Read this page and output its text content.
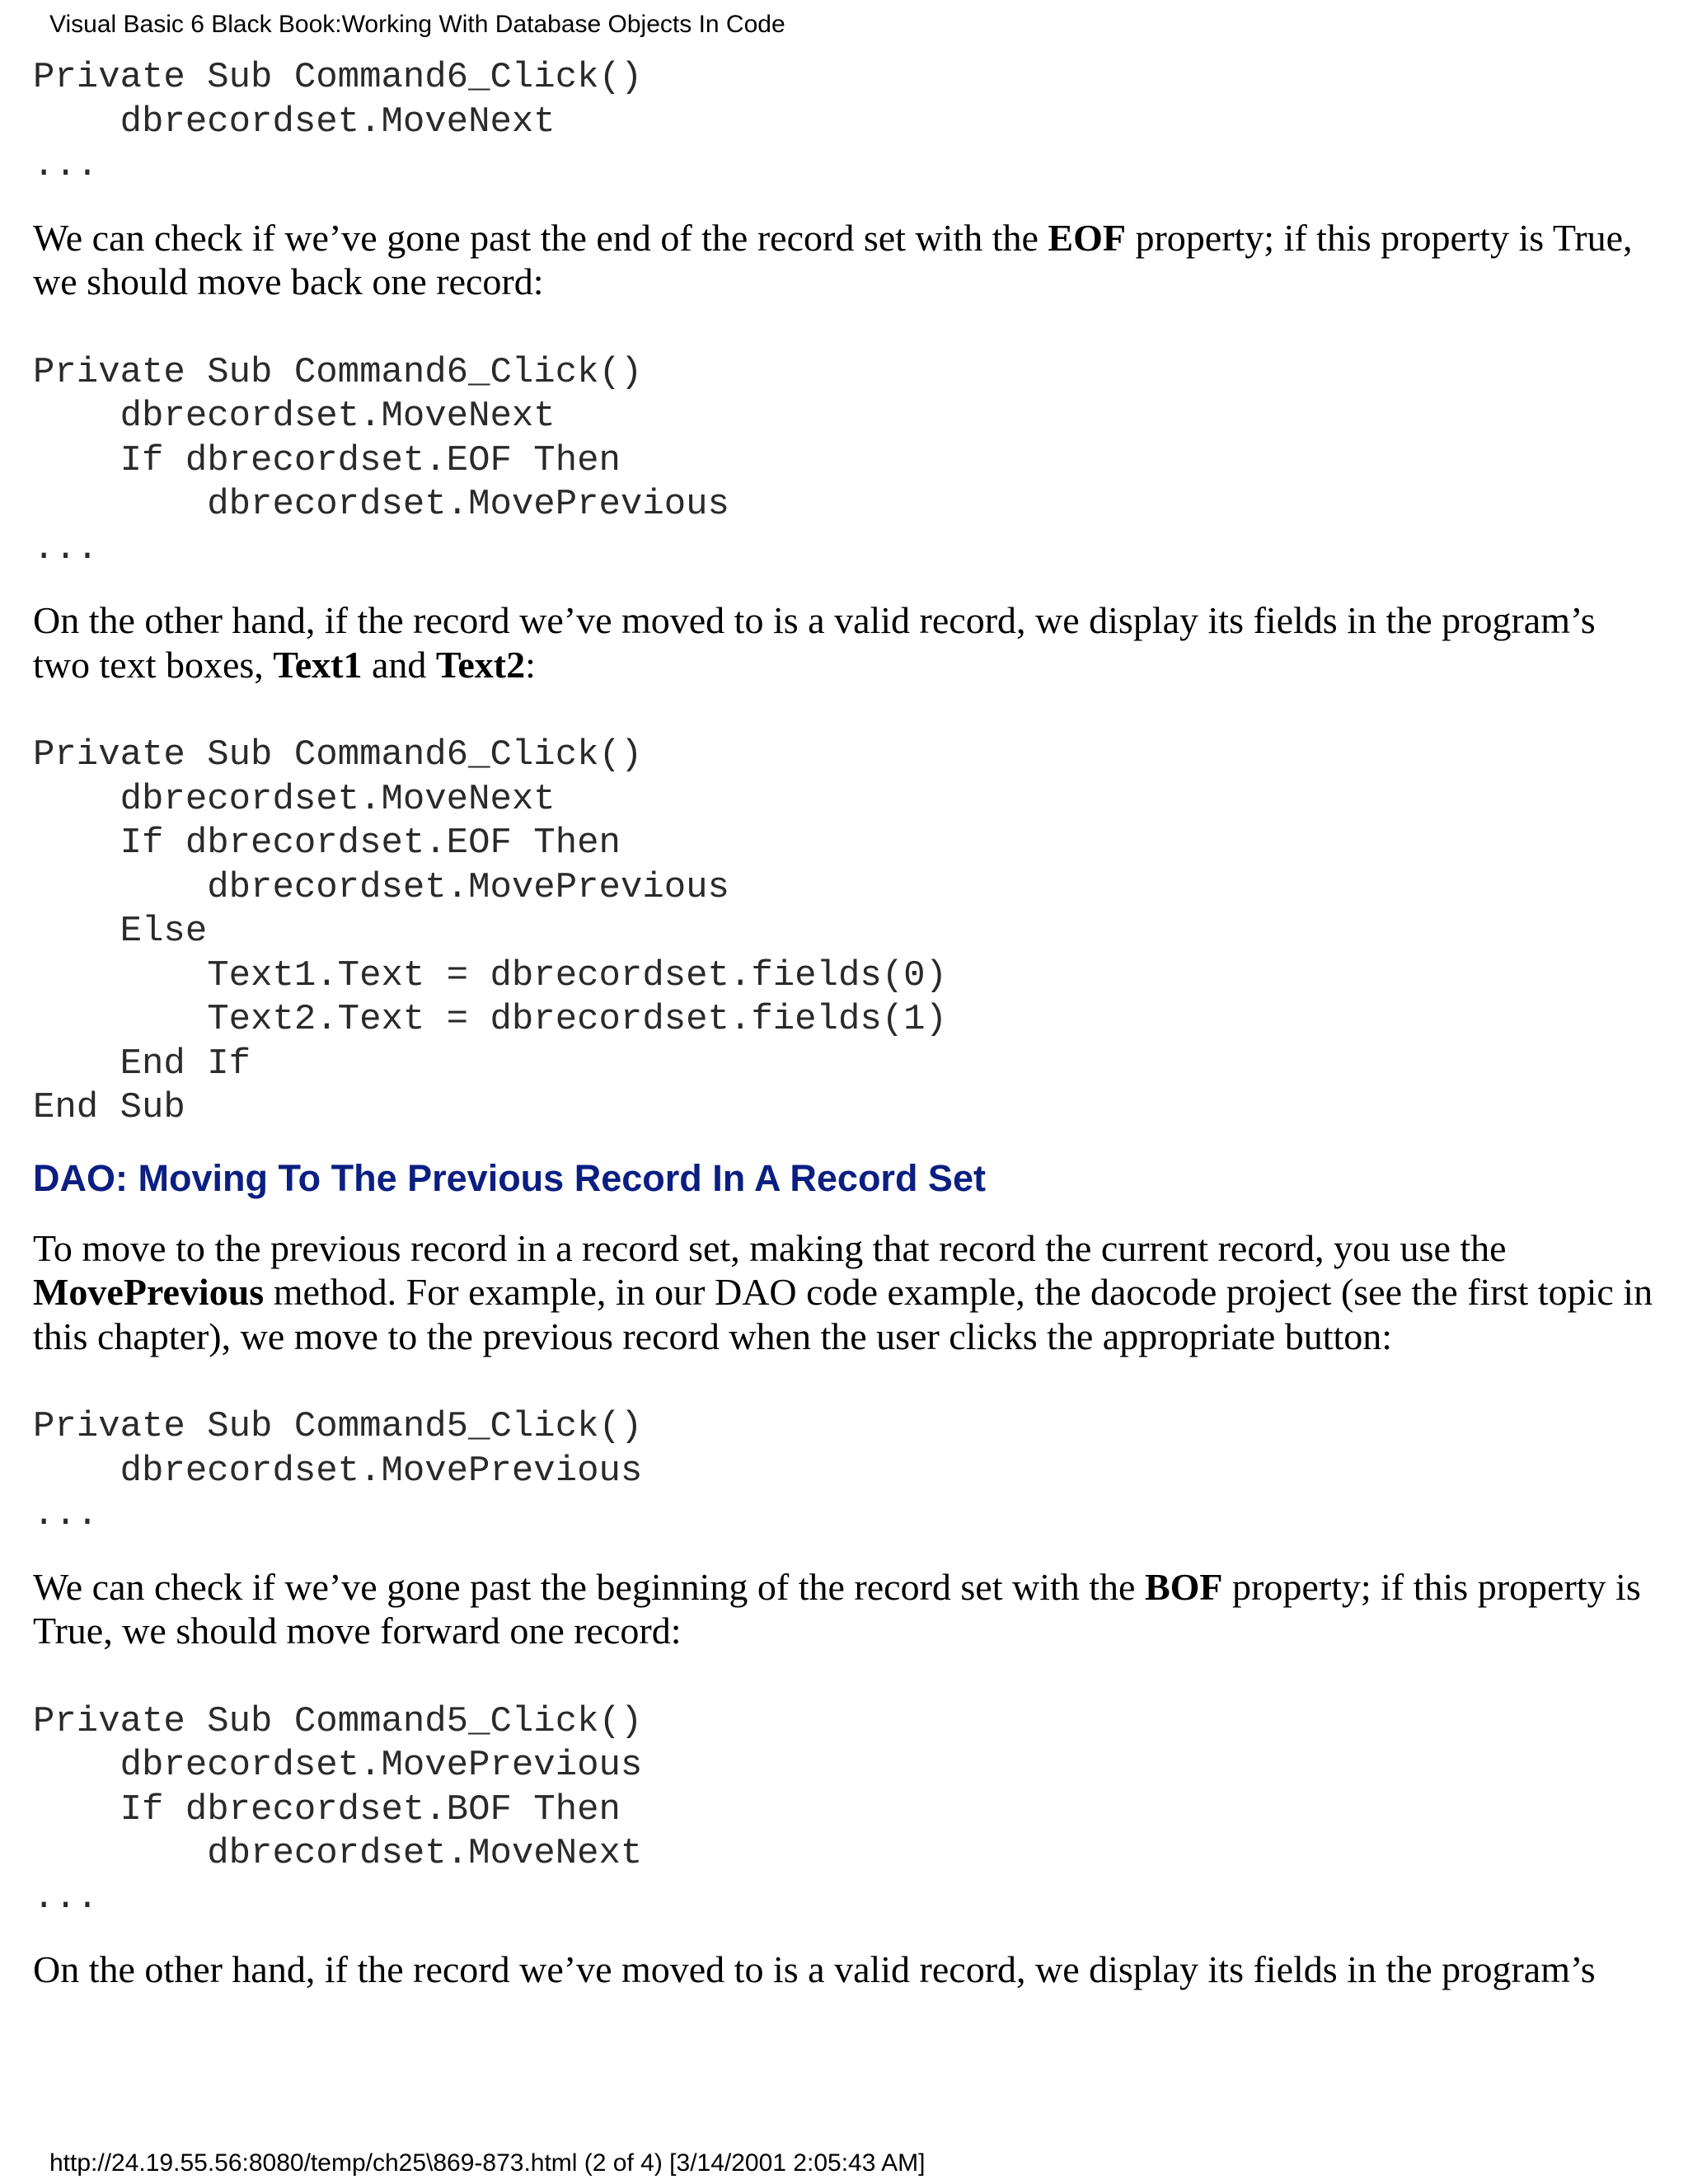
Visual Basic 6 Black Book:Working With Database Objects In Code
Private Sub Command6_Click()
dbrecordset.MoveNext
...

We can check if we’ve gone past the end of the record set with the EOF property; if this property is True, we should move back one record:

Private Sub Command6_Click()
dbrecordset.MoveNext
If dbrecordset.EOF Then
dbrecordset.MovePrevious
...

On the other hand, if the record we’ve moved to is a valid record, we display its fields in the program’s two text boxes, Text1 and Text2:

Private Sub Command6_Click()
dbrecordset.MoveNext
If dbrecordset.EOF Then
dbrecordset.MovePrevious
Else
Text1.Text = dbrecordset.fields(0)
Text2.Text = dbrecordset.fields(1)
End If
End Sub
DAO: Moving To The Previous Record In A Record Set

To move to the previous record in a record set, making that record the current record, you use the MovePrevious method. For example, in our DAO code example, the daocode project (see the first topic in this chapter), we move to the previous record when the user clicks the appropriate button:

Private Sub Command5_Click()
dbrecordset.MovePrevious
...

We can check if we’ve gone past the beginning of the record set with the BOF property; if this property is True, we should move forward one record:

Private Sub Command5_Click()
dbrecordset.MovePrevious
If dbrecordset.BOF Then
dbrecordset.MoveNext
...

On the other hand, if the record we’ve moved to is a valid record, we display its fields in the program’s

http://24.19.55.56:8080/temp/ch25\869-873.html (2 of 4) [3/14/2001 2:05:43 AM]
